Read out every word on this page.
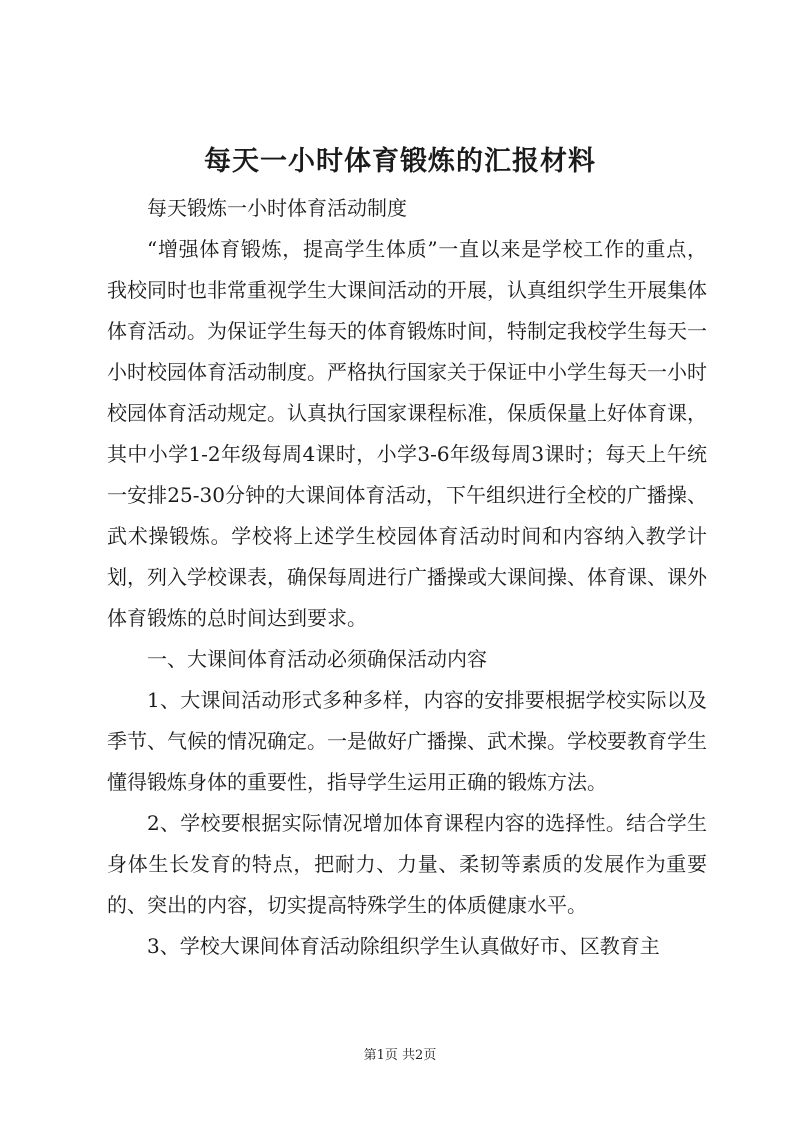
每天一小时体育锻炼的汇报材料

每天锻炼一小时体育活动制度

“增强体育锻炼，提高学生体质”一直以来是学校工作的重点，我校同时也非常重视学生大课间活动的开展，认真组织学生开展集体体育活动。为保证学生每天的体育锻炼时间，特制定我校学生每天一小时校园体育活动制度。严格执行国家关于保证中小学生每天一小时校园体育活动规定。认真执行国家课程标准，保质保量上好体育课，其中小学1-2年级每周4课时，小学3-6年级每周3课时；每天上午统一安排25-30分钟的大课间体育活动，下午组织进行全校的广播操、武术操锻炼。学校将上述学生校园体育活动时间和内容纳入教学计划，列入学校课表，确保每周进行广播操或大课间操、体育课、课外体育锻炼的总时间达到要求。

一、大课间体育活动必须确保活动内容

1、大课间活动形式多种多样，内容的安排要根据学校实际以及季节、气候的情况确定。一是做好广播操、武术操。学校要教育学生懂得锻炼身体的重要性，指导学生运用正确的锻炼方法。

2、学校要根据实际情况增加体育课程内容的选择性。结合学生身体生长发育的特点，把耐力、力量、柔韧等素质的发展作为重要的、突出的内容，切实提高特殊学生的体质健康水平。

3、学校大课间体育活动除组织学生认真做好市、区教育主

第1页 共2页
